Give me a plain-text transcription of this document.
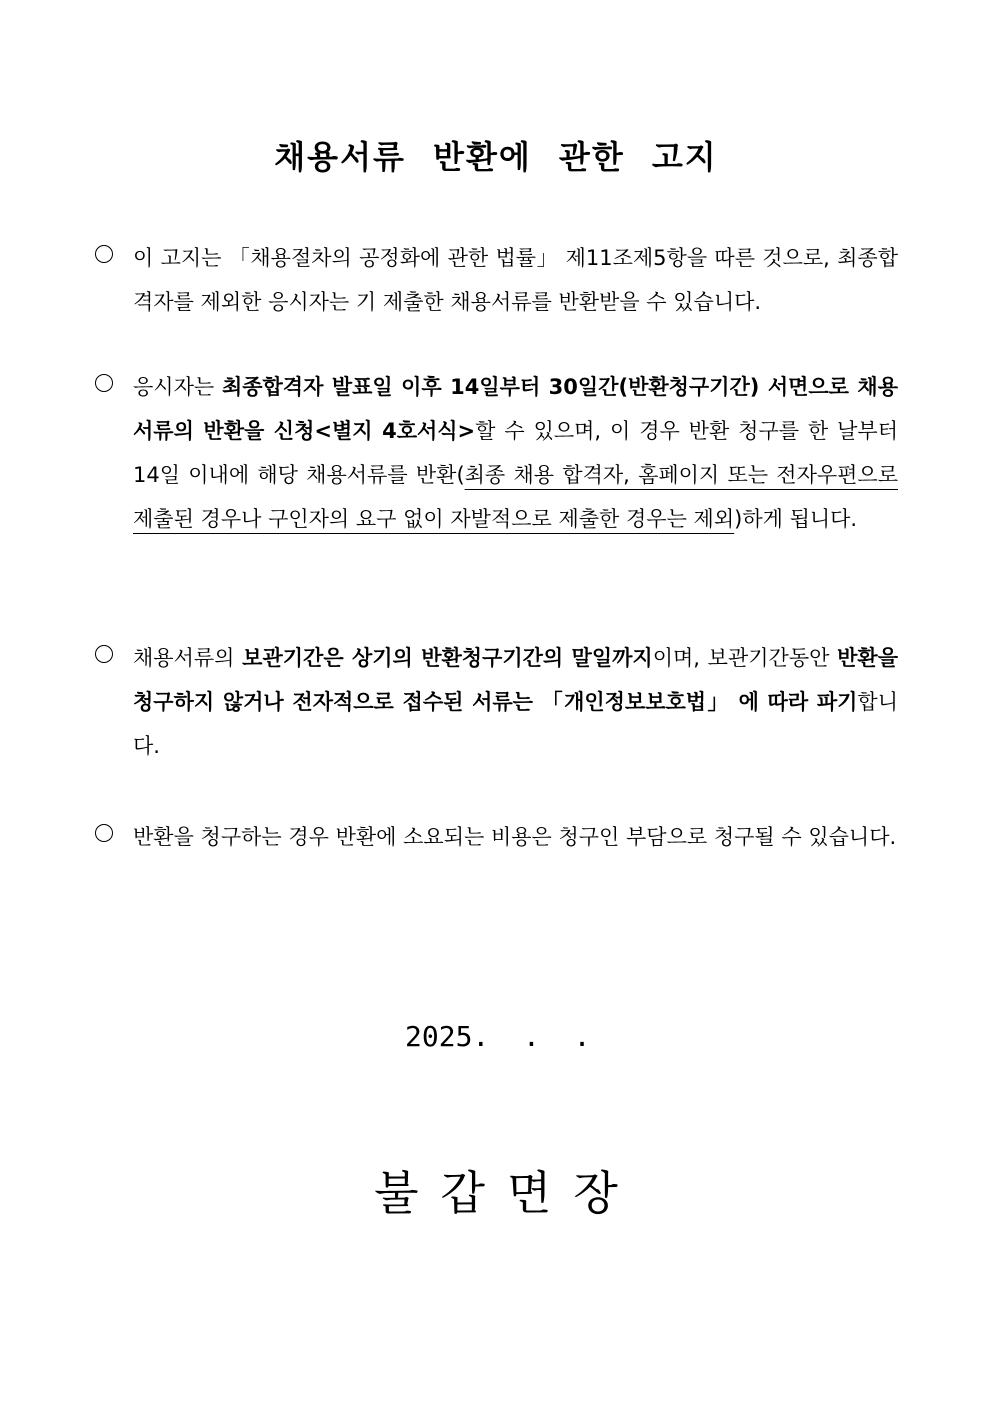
채용서류 반환에 관한 고지
이 고지는 「채용절차의 공정화에 관한 법률」 제11조제5항을 따른 것으로, 최종합격자를 제외한 응시자는 기 제출한 채용서류를 반환받을 수 있습니다.
응시자는 최종합격자 발표일 이후 14일부터 30일간(반환청구기간) 서면으로 채용서류의 반환을 신청<별지 4호서식>할 수 있으며, 이 경우 반환 청구를 한 날부터 14일 이내에 해당 채용서류를 반환(최종 채용 합격자, 홈페이지 또는 전자우편으로 제출된 경우나 구인자의 요구 없이 자발적으로 제출한 경우는 제외)하게 됩니다.
채용서류의 보관기간은 상기의 반환청구기간의 말일까지이며, 보관기간동안 반환을 청구하지 않거나 전자적으로 접수된 서류는 「개인정보보호법」 에 따라 파기합니다.
반환을 청구하는 경우 반환에 소요되는 비용은 청구인 부담으로 청구될 수 있습니다.
2025.  .  .
불갑면장
